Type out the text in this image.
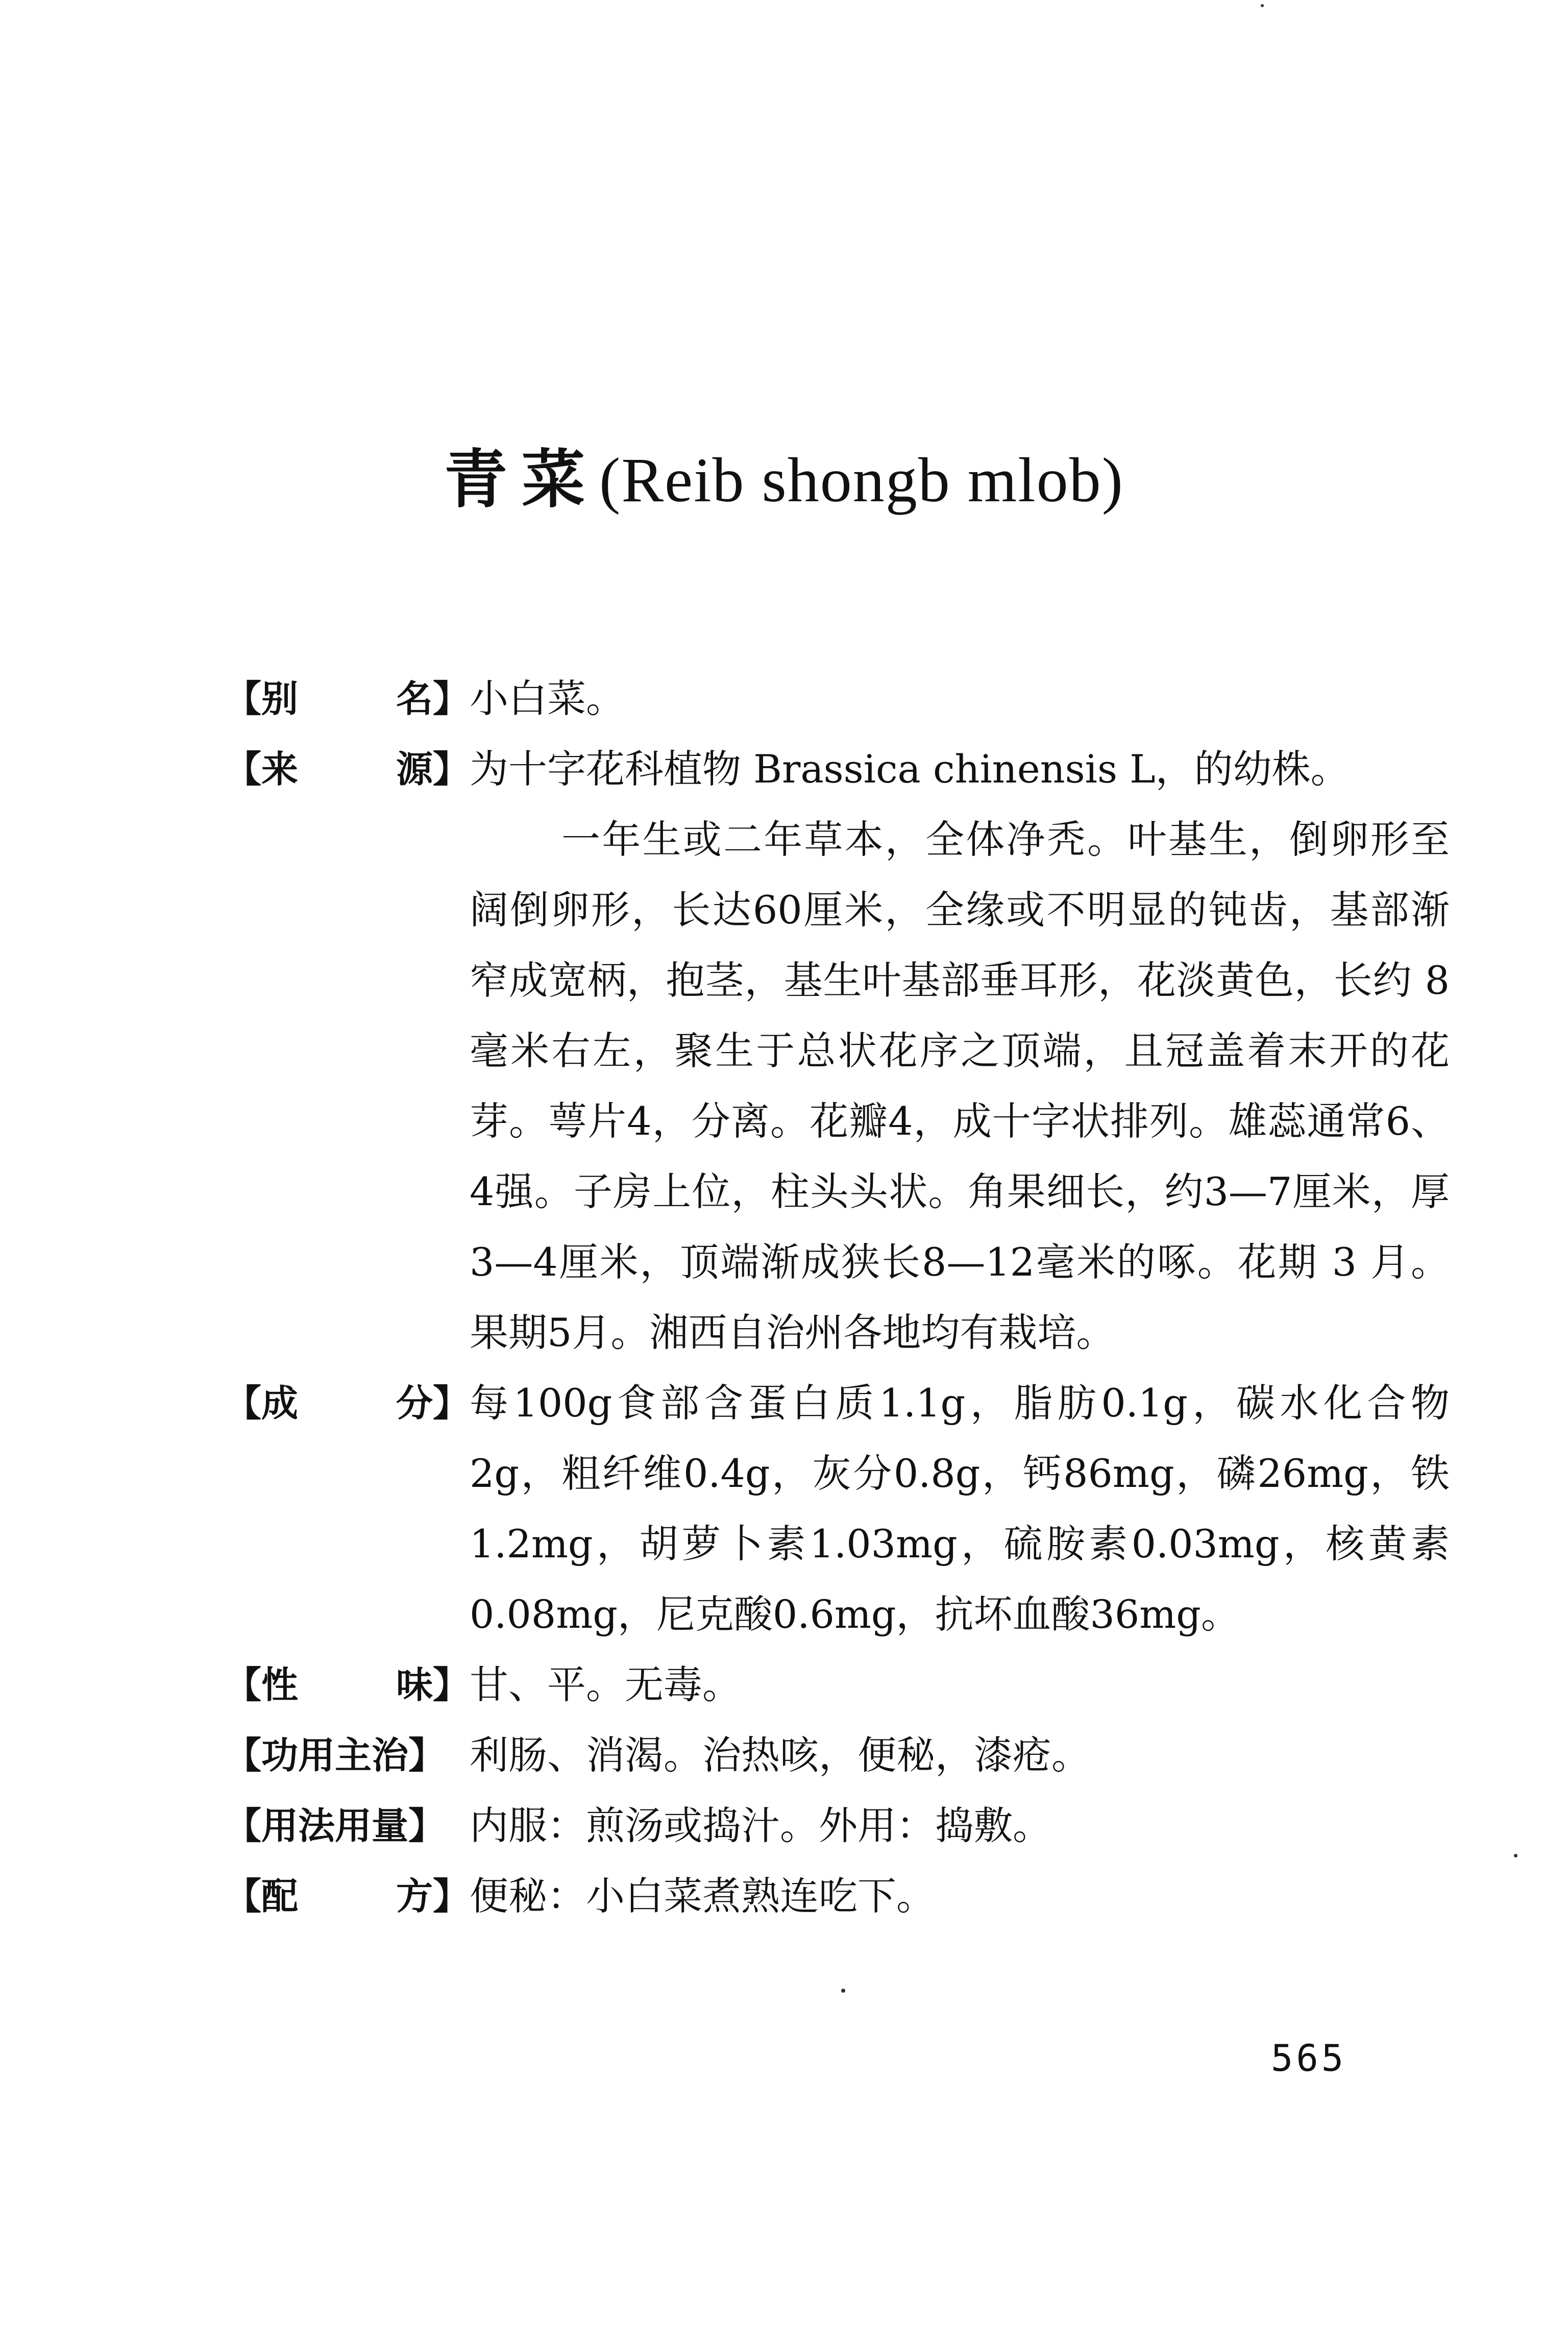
青菜(Reib shongb mlob)
【别	名】 小白菜。

【来	源】 为十字花科植物 Brassica chinensis L，的幼株。

一年生或二年草本，全体净秃。叶基生，倒卵形至阔倒卵形，长达60厘米，全缘或不明显的钝齿，基部渐窄成宽柄，抱茎，基生叶基部垂耳形，花淡黄色，长约 8 毫米右左，聚生于总状花序之顶端，且冠盖着末开的花芽。萼片4，分离。花瓣4，成十字状排列。雄蕊通常6、4强。子房上位，柱头头状。角果细长，约3—7厘米，厚3—4厘米，顶端渐成狭长8—12毫米的啄。花期 3 月。果期5月。湘西自治州各地均有栽培。

【成	分】 每100g食部含蛋白质1.1g，脂肪0.1g，碳水化合物2g，粗纤维0.4g，灰分0.8g，钙86mg，磷26mg，铁1.2mg，胡萝卜素1.03mg，硫胺素0.03mg，核黄素0.08mg，尼克酸0.6mg，抗坏血酸36mg。

【性	味】 甘、平。无毒。

【功用主治】 利肠、消渴。治热咳，便秘，漆疮。

【用法用量】 内服：煎汤或捣汁。外用：捣敷。

【配	方】 便秘：小白菜煮熟连吃下。

565
